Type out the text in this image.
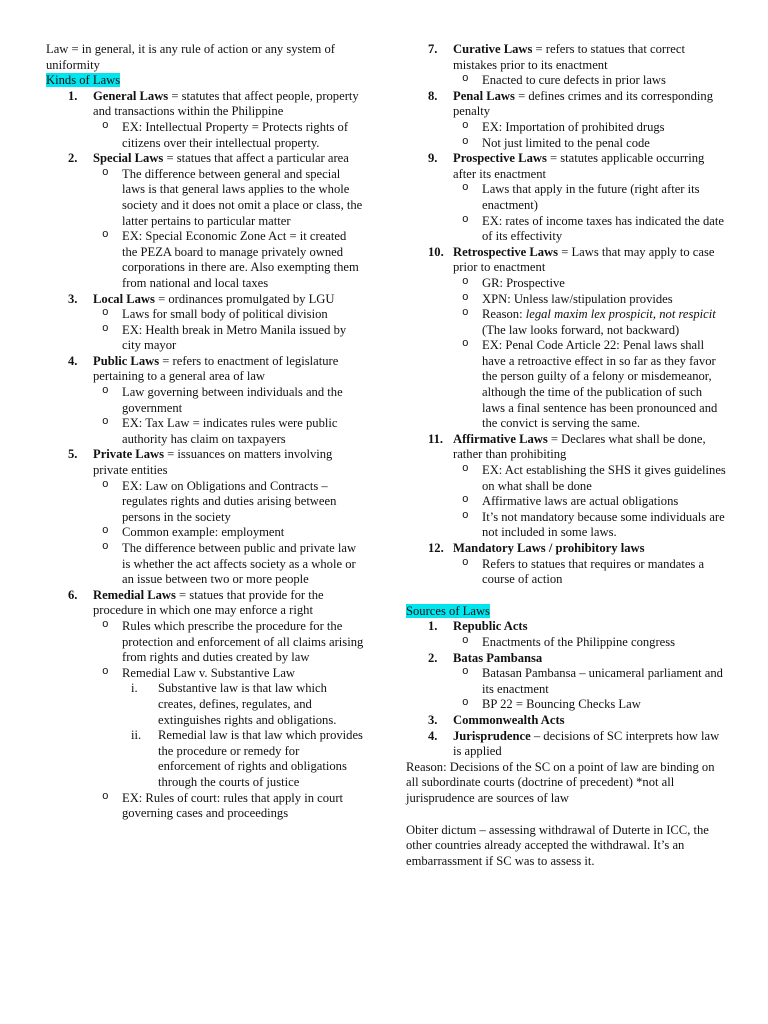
Law = in general, it is any rule of action or any system of uniformity

Kinds of Laws

1. General Laws = statutes that affect people, property and transactions within the Philippine
o EX: Intellectual Property = Protects rights of citizens over their intellectual property.
2. Special Laws = statues that affect a particular area
o The difference between general and special laws is that general laws applies to the whole society and it does not omit a place or class, the latter pertains to particular matter
o EX: Special Economic Zone Act = it created the PEZA board to manage privately owned corporations in there are. Also exempting them from national and local taxes
3. Local Laws = ordinances promulgated by LGU
o Laws for small body of political division
o EX: Health break in Metro Manila issued by city mayor
4. Public Laws = refers to enactment of legislature pertaining to a general area of law
o Law governing between individuals and the government
o EX: Tax Law = indicates rules were public authority has claim on taxpayers
5. Private Laws = issuances on matters involving private entities
o EX: Law on Obligations and Contracts – regulates rights and duties arising between persons in the society
o Common example: employment
o The difference between public and private law is whether the act affects society as a whole or an issue between two or more people
6. Remedial Laws = statues that provide for the procedure in which one may enforce a right
o Rules which prescribe the procedure for the protection and enforcement of all claims arising from rights and duties created by law
o Remedial Law v. Substantive Law
i. Substantive law is that law which creates, defines, regulates, and extinguishes rights and obligations.
ii. Remedial law is that law which provides the procedure or remedy for enforcement of rights and obligations through the courts of justice
o EX: Rules of court: rules that apply in court governing cases and proceedings
7. Curative Laws = refers to statues that correct mistakes prior to its enactment
o Enacted to cure defects in prior laws
8. Penal Laws = defines crimes and its corresponding penalty
o EX: Importation of prohibited drugs
o Not just limited to the penal code
9. Prospective Laws = statutes applicable occurring after its enactment
o Laws that apply in the future (right after its enactment)
o EX: rates of income taxes has indicated the date of its effectivity
10. Retrospective Laws = Laws that may apply to case prior to enactment
o GR: Prospective
o XPN: Unless law/stipulation provides
o Reason: legal maxim lex prospicit, not respicit (The law looks forward, not backward)
o EX: Penal Code Article 22: Penal laws shall have a retroactive effect in so far as they favor the person guilty of a felony or misdemeanor, although the time of the publication of such laws a final sentence has been pronounced and the convict is serving the same.
11. Affirmative Laws = Declares what shall be done, rather than prohibiting
o EX: Act establishing the SHS it gives guidelines on what shall be done
o Affirmative laws are actual obligations
o It’s not mandatory because some individuals are not included in some laws.
12. Mandatory Laws / prohibitory laws
o Refers to statues that requires or mandates a course of action

Sources of Laws

1. Republic Acts
o Enactments of the Philippine congress
2. Batas Pambansa
o Batasan Pambansa – unicameral parliament and its enactment
o BP 22 = Bouncing Checks Law
3. Commonwealth Acts
4. Jurisprudence – decisions of SC interprets how law is applied

Reason: Decisions of the SC on a point of law are binding on all subordinate courts (doctrine of precedent) *not all jurisprudence are sources of law

Obiter dictum – assessing withdrawal of Duterte in ICC, the other countries already accepted the withdrawal. It’s an embarrassment if SC was to assess it.
